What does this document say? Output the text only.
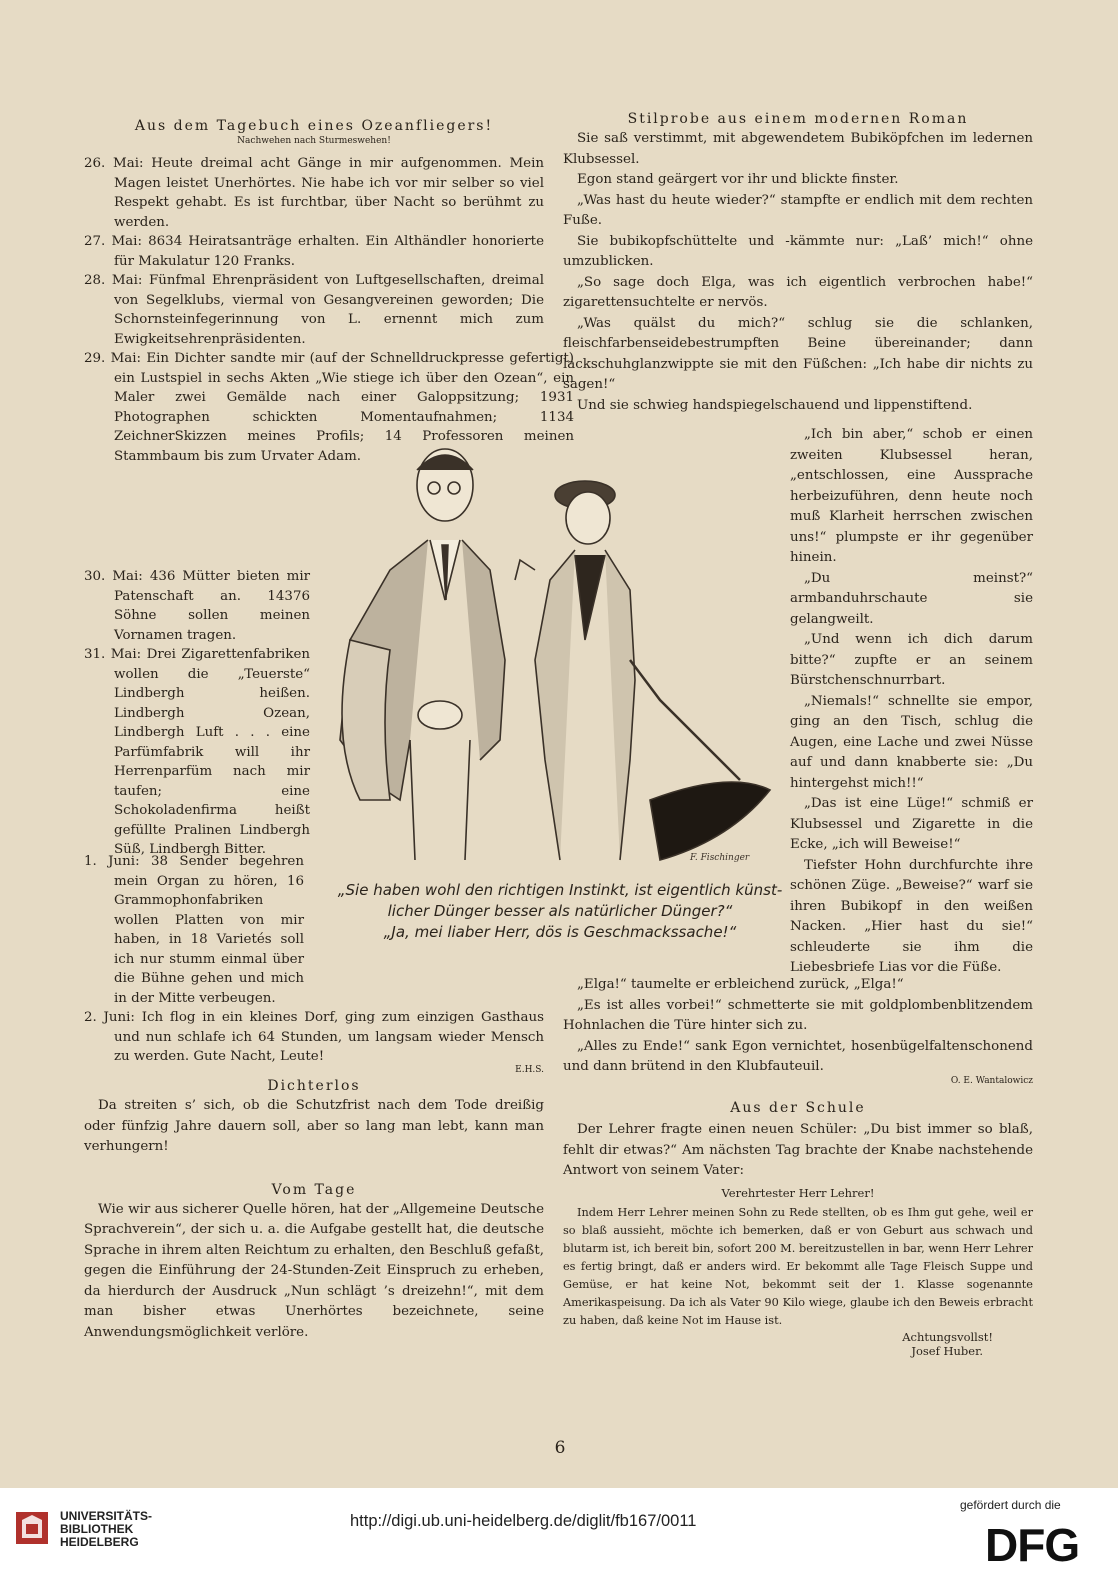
Aus dem Tagebuch eines Ozeanfliegers!
Nachwehen nach Sturmeswehen!

26. Mai: Heute dreimal acht Gänge in mir aufgenommen. Mein Magen leistet Unerhörtes. Nie habe ich vor mir selber so viel Respekt gehabt. Es ist furchtbar, über Nacht so berühmt zu werden.

27. Mai: 8634 Heiratsanträge erhalten. Ein Althändler honorierte für Makulatur 120 Franks.

28. Mai: Fünfmal Ehrenpräsident von Luftgesellschaften, dreimal von Segelklubs, viermal von Gesangvereinen geworden; Die Schornsteinfegerinnung von L. ernennt mich zum Ewigkeitsehrenpräsidenten.

29. Mai: Ein Dichter sandte mir (auf der Schnelldruckpresse gefertigt) ein Lustspiel in sechs Akten „Wie stiege ich über den Ozean“, ein Maler zwei Gemälde nach einer Galoppsitzung; 1931 Photographen schickten Momentaufnahmen; 1134 ZeichnerSkizzen meines Profils; 14 Professoren meinen Stammbaum bis zum Urvater Adam.

30. Mai: 436 Mütter bieten mir Patenschaft an. 14376 Söhne sollen meinen Vornamen tragen.

31. Mai: Drei Zigarettenfabriken wollen die „Teuerste“ Lindbergh heißen. Lindbergh Ozean, Lindbergh Luft . . . eine Parfümfabrik will ihr Herrenparfüm nach mir taufen; eine Schokoladenfirma heißt gefüllte Pralinen Lindbergh Süß, Lindbergh Bitter.

1. Juni: 38 Sender begehren mein Organ zu hören, 16 Grammophonfabriken wollen Platten von mir haben, in 18 Varietés soll ich nur stumm einmal über die Bühne gehen und mich in der Mitte verbeugen.

2. Juni: Ich flog in ein kleines Dorf, ging zum einzigen Gasthaus und nun schlafe ich 64 Stunden, um langsam wieder Mensch zu werden. Gute Nacht, Leute!

E.H.S.
Stilprobe aus einem modernen Roman

Sie saß verstimmt, mit abgewendetem Bubiköpfchen im ledernen Klubsessel.

Egon stand geärgert vor ihr und blickte finster.

„Was hast du heute wieder?“ stampfte er endlich mit dem rechten Fuße.

Sie bubikopfschüttelte und -kämmte nur: „Laß’ mich!“ ohne umzublicken.

„So sage doch Elga, was ich eigentlich verbrochen habe!“ zigarettensuchtelte er nervös.

„Was quälst du mich?“ schlug sie die schlanken, fleischfarbenseidebestrumpften Beine übereinander; dann lackschuhglanzwippte sie mit den Füßchen: „Ich habe dir nichts zu sagen!“

Und sie schwieg handspiegelschauend und lippenstiftend.

„Ich bin aber,“ schob er einen zweiten Klubsessel heran, „entschlossen, eine Aussprache herbeizuführen, denn heute noch muß Klarheit herrschen zwischen uns!“ plumpste er ihr gegenüber hinein.

„Du meinst?“ armbanduhrschaute sie gelangweilt.

„Und wenn ich dich darum bitte?“ zupfte er an seinem Bürstchenschnurrbart.

„Niemals!“ schnellte sie empor, ging an den Tisch, schlug die Augen, eine Lache und zwei Nüsse auf und dann knabberte sie: „Du hintergehst mich!!“

„Das ist eine Lüge!“ schmiß er Klubsessel und Zigarette in die Ecke, „ich will Beweise!“

Tiefster Hohn durchfurchte ihre schönen Züge. „Beweise?“ warf sie ihren Bubikopf in den weißen Nacken. „Hier hast du sie!“ schleuderte sie ihm die Liebesbriefe Lias vor die Füße.

„Elga!“ taumelte er erbleichend zurück, „Elga!“

„Es ist alles vorbei!“ schmetterte sie mit goldplombenblitzendem Hohnlachen die Türe hinter sich zu.

„Alles zu Ende!“ sank Egon vernichtet, hosenbügelfaltenschonend und dann brütend in den Klubfauteuil.

O. E. Wantalowicz
F. Fischinger
„Sie haben wohl den richtigen Instinkt, ist eigentlich künst-
licher Dünger besser als natürlicher Dünger?“
„Ja, mei liaber Herr, dös is Geschmackssache!“
Dichterlos

Da streiten s’ sich, ob die Schutzfrist nach dem Tode dreißig oder fünfzig Jahre dauern soll, aber so lang man lebt, kann man verhungern!

Vom Tage

Wie wir aus sicherer Quelle hören, hat der „Allgemeine Deutsche Sprachverein“, der sich u. a. die Aufgabe gestellt hat, die deutsche Sprache in ihrem alten Reichtum zu erhalten, den Beschluß gefaßt, gegen die Einführung der 24-Stunden-Zeit Einspruch zu erheben, da hierdurch der Ausdruck „Nun schlägt ’s dreizehn!“, mit dem man bisher etwas Unerhörtes bezeichnete, seine Anwendungsmöglichkeit verlöre.

Aus der Schule

Der Lehrer fragte einen neuen Schüler: „Du bist immer so blaß, fehlt dir etwas?“ Am nächsten Tag brachte der Knabe nachstehende Antwort von seinem Vater:

Verehrtester Herr Lehrer!

Indem Herr Lehrer meinen Sohn zu Rede stellten, ob es Ihm gut gehe, weil er so blaß aussieht, möchte ich bemerken, daß er von Geburt aus schwach und blutarm ist, ich bereit bin, sofort 200 M. bereitzustellen in bar, wenn Herr Lehrer es fertig bringt, daß er anders wird. Er bekommt alle Tage Fleisch Suppe und Gemüse, er hat keine Not, bekommt seit der 1. Klasse sogenannte Amerikaspeisung. Da ich als Vater 90 Kilo wiege, glaube ich den Beweis erbracht zu haben, daß keine Not im Hause ist.

Achtungsvollst!
Josef Huber.
6
UNIVERSITÄTS-
BIBLIOTHEK
HEIDELBERG
http://digi.ub.uni-heidelberg.de/diglit/fb167/0011
gefördert durch die
DFG
